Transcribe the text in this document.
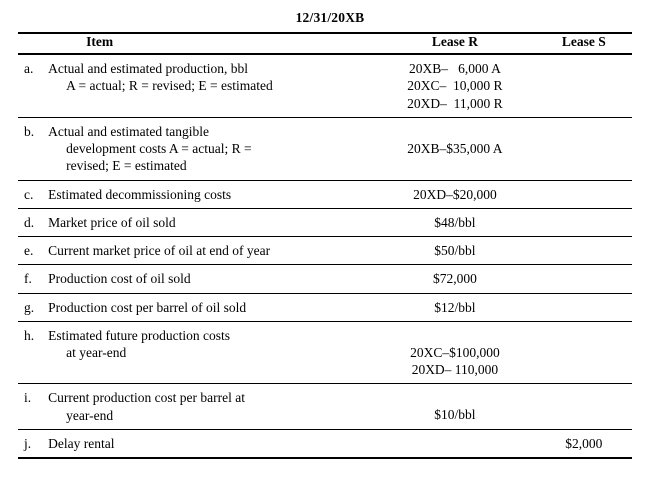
12/31/20XB
	Item	Lease R	Lease S
a.	Actual and estimated production, bbl
A = actual; R = revised; E = estimated	20XB–   6,000 A
20XC–  10,000 R
20XD–  11,000 R	

b.	Actual and estimated tangible
development costs A = actual; R =
revised; E = estimated	20XB–$35,000 A	

c.	Estimated decommissioning costs	20XD–$20,000	

d.	Market price of oil sold	$48/bbl	

e.	Current market price of oil at end of year	$50/bbl	

f.	Production cost of oil sold	$72,000	

g.	Production cost per barrel of oil sold	$12/bbl	

h.	Estimated future production costs
at year-end	20XC–$100,000
20XD– 110,000	

i.	Current production cost per barrel at
year-end	$10/bbl	

j.	Delay rental		$2,000
